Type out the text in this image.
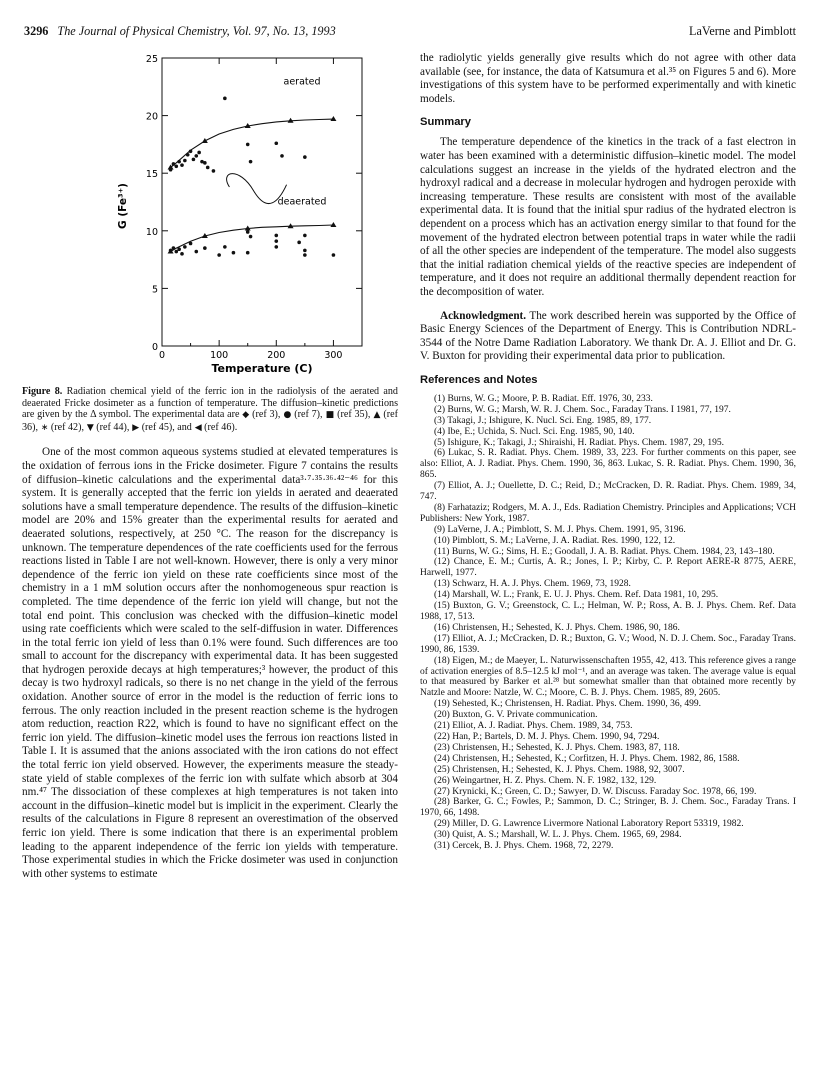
3296 The Journal of Physical Chemistry, Vol. 97, No. 13, 1993	LaVerne and Pimblott
0
5
10
15
20
25
0	100	200	300
Temperature (C)
G (Fe³⁺)
aerated
deaerated
Figure 8. Radiation chemical yield of the ferric ion in the radiolysis of the aerated and deaerated Fricke dosimeter as a function of temperature. The diffusion–kinetic predictions are given by the Δ symbol. The experimental data are ◆ (ref 3), ● (ref 7), ■ (ref 35), ▲ (ref 36), ∗ (ref 42), ▼ (ref 44), ▶ (ref 45), and ◀ (ref 46).

One of the most common aqueous systems studied at elevated temperatures is the oxidation of ferrous ions in the Fricke dosimeter. Figure 7 contains the results of diffusion–kinetic calculations and the experimental data³·⁷·³⁵·³⁶·⁴²⁻⁴⁶ for this system. It is generally accepted that the ferric ion yields in aerated and deaerated solutions have a small temperature dependence. The results of the diffusion–kinetic model are 20% and 15% greater than the experimental results for aerated and deaerated solutions, respectively, at 250 °C. The reason for the discrepancy is unknown. The temperature dependences of the rate coefficients used for the ferrous reactions listed in Table I are not well-known. However, there is only a very minor dependence of the ferric ion yield on these rate coefficients since most of the chemistry in a 1 mM solution occurs after the nonhomogeneous spur reaction is completed. The time dependence of the ferric ion yield will change, but not the total end point. This conclusion was checked with the diffusion–kinetic model using rate coefficients which were scaled to the self-diffusion in water. Differences in the total ferric ion yield of less than 0.1% were found. Such differences are too small to account for the discrepancy with experimental data. It has been suggested that hydrogen peroxide decays at high temperatures;³ however, the product of this decay is two hydroxyl radicals, so there is no net change in the yield of the ferrous oxidation. Another source of error in the model is the reduction of ferric ions to ferrous. The only reaction included in the present reaction scheme is the hydrogen atom reduction, reaction R22, which is found to have no significant effect on the ferric ion yield. The diffusion–kinetic model uses the ferrous ion reactions listed in Table I. It is assumed that the anions associated with the iron cations do not effect the total ferric ion yield observed. However, the experiments measure the steady-state yield of stable complexes of the ferric ion with sulfate which absorb at 304 nm.⁴⁷ The dissociation of these complexes at high temperatures is not taken into account in the diffusion–kinetic model but is implicit in the experiment. Clearly the results of the calculations in Figure 8 represent an overestimation of the observed ferric ion yield. There is some indication that there is an experimental problem leading to the apparent independence of the ferric ion yields with temperature. Those experimental studies in which the Fricke dosimeter was used in conjunction with other systems to estimate

the radiolytic yields generally give results which do not agree with other data available (see, for instance, the data of Katsumura et al.³⁵ on Figures 5 and 6). More investigations of this system have to be performed experimentally and with kinetic models.

Summary

The temperature dependence of the kinetics in the track of a fast electron in water has been examined with a deterministic diffusion–kinetic model. The model calculations suggest an increase in the yields of the hydrated electron and the hydroxyl radical and a decrease in molecular hydrogen and hydrogen peroxide with increasing temperature. These results are consistent with most of the available experimental data. It is found that the initial spur radius of the hydrated electron is dependent on a process which has an activation energy similar to that found for the movement of the hydrated electron between potential traps in water while the radii of all the other species are independent of the temperature. The model also suggests that the initial radiation chemical yields of the reactive species are independent of temperature, and it does not require an additional thermally dependent reaction for the decomposition of water.

Acknowledgment. The work described herein was supported by the Office of Basic Energy Sciences of the Department of Energy. This is Contribution NDRL-3544 of the Notre Dame Radiation Laboratory. We thank Dr. A. J. Elliot and Dr. G. V. Buxton for providing their experimental data prior to publication.

References and Notes

(1) Burns, W. G.; Moore, P. B. Radiat. Eff. 1976, 30, 233.

(2) Burns, W. G.; Marsh, W. R. J. Chem. Soc., Faraday Trans. I 1981, 77, 197.

(3) Takagi, J.; Ishigure, K. Nucl. Sci. Eng. 1985, 89, 177.

(4) Ibe, E.; Uchida, S. Nucl. Sci. Eng. 1985, 90, 140.

(5) Ishigure, K.; Takagi, J.; Shiraishi, H. Radiat. Phys. Chem. 1987, 29, 195.

(6) Lukac, S. R. Radiat. Phys. Chem. 1989, 33, 223. For further comments on this paper, see also: Elliot, A. J. Radiat. Phys. Chem. 1990, 36, 863. Lukac, S. R. Radiat. Phys. Chem. 1990, 36, 865.

(7) Elliot, A. J.; Ouellette, D. C.; Reid, D.; McCracken, D. R. Radiat. Phys. Chem. 1989, 34, 747.

(8) Farhataziz; Rodgers, M. A. J., Eds. Radiation Chemistry. Principles and Applications; VCH Publishers: New York, 1987.

(9) LaVerne, J. A.; Pimblott, S. M. J. Phys. Chem. 1991, 95, 3196.

(10) Pimblott, S. M.; LaVerne, J. A. Radiat. Res. 1990, 122, 12.

(11) Burns, W. G.; Sims, H. E.; Goodall, J. A. B. Radiat. Phys. Chem. 1984, 23, 143–180.

(12) Chance, E. M.; Curtis, A. R.; Jones, I. P.; Kirby, C. P. Report AERE-R 8775, AERE, Harwell, 1977.

(13) Schwarz, H. A. J. Phys. Chem. 1969, 73, 1928.

(14) Marshall, W. L.; Frank, E. U. J. Phys. Chem. Ref. Data 1981, 10, 295.

(15) Buxton, G. V.; Greenstock, C. L.; Helman, W. P.; Ross, A. B. J. Phys. Chem. Ref. Data 1988, 17, 513.

(16) Christensen, H.; Sehested, K. J. Phys. Chem. 1986, 90, 186.

(17) Elliot, A. J.; McCracken, D. R.; Buxton, G. V.; Wood, N. D. J. Chem. Soc., Faraday Trans. 1990, 86, 1539.

(18) Eigen, M.; de Maeyer, L. Naturwissenschaften 1955, 42, 413. This reference gives a range of activation energies of 8.5–12.5 kJ mol⁻¹, and an average was taken. The average value is equal to that measured by Barker et al.²⁸ but somewhat smaller than that obtained more recently by Natzle and Moore: Natzle, W. C.; Moore, C. B. J. Phys. Chem. 1985, 89, 2605.

(19) Sehested, K.; Christensen, H. Radiat. Phys. Chem. 1990, 36, 499.

(20) Buxton, G. V. Private communication.

(21) Elliot, A. J. Radiat. Phys. Chem. 1989, 34, 753.

(22) Han, P.; Bartels, D. M. J. Phys. Chem. 1990, 94, 7294.

(23) Christensen, H.; Sehested, K. J. Phys. Chem. 1983, 87, 118.

(24) Christensen, H.; Sehested, K.; Corfitzen, H. J. Phys. Chem. 1982, 86, 1588.

(25) Christensen, H.; Sehested, K. J. Phys. Chem. 1988, 92, 3007.

(26) Weingartner, H. Z. Phys. Chem. N. F. 1982, 132, 129.

(27) Krynicki, K.; Green, C. D.; Sawyer, D. W. Discuss. Faraday Soc. 1978, 66, 199.

(28) Barker, G. C.; Fowles, P.; Sammon, D. C.; Stringer, B. J. Chem. Soc., Faraday Trans. I 1970, 66, 1498.

(29) Miller, D. G. Lawrence Livermore National Laboratory Report 53319, 1982.

(30) Quist, A. S.; Marshall, W. L. J. Phys. Chem. 1965, 69, 2984.

(31) Cercek, B. J. Phys. Chem. 1968, 72, 2279.
